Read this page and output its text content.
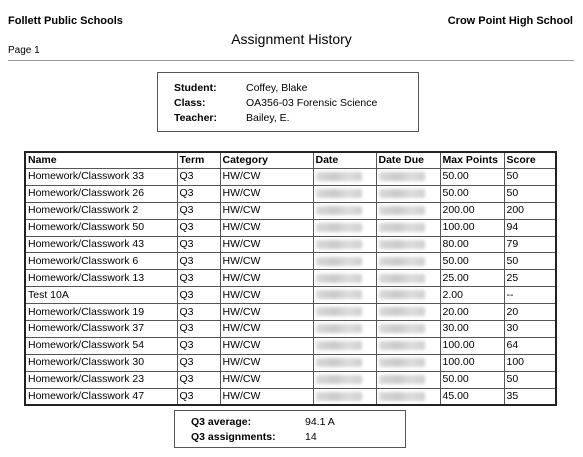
Follett Public Schools	Crow Point High School
Assignment History
Page 1
Student:	Coffey, Blake
Class:	OA356-03 Forensic Science
Teacher:	Bailey, E.
Name	Term	Category	Date	Date Due	Max Points	Score
Homework/Classwork 33	Q3	HW/CW			50.00	50
Homework/Classwork 26	Q3	HW/CW			50.00	50
Homework/Classwork 2	Q3	HW/CW			200.00	200
Homework/Classwork 50	Q3	HW/CW			100.00	94
Homework/Classwork 43	Q3	HW/CW			80.00	79
Homework/Classwork 6	Q3	HW/CW			50.00	50
Homework/Classwork 13	Q3	HW/CW			25.00	25
Test 10A	Q3	HW/CW			2.00	--
Homework/Classwork 19	Q3	HW/CW			20.00	20
Homework/Classwork 37	Q3	HW/CW			30.00	30
Homework/Classwork 54	Q3	HW/CW			100.00	64
Homework/Classwork 30	Q3	HW/CW			100.00	100
Homework/Classwork 23	Q3	HW/CW			50.00	50
Homework/Classwork 47	Q3	HW/CW			45.00	35
Q3 average:	94.1 A
Q3 assignments:	14
